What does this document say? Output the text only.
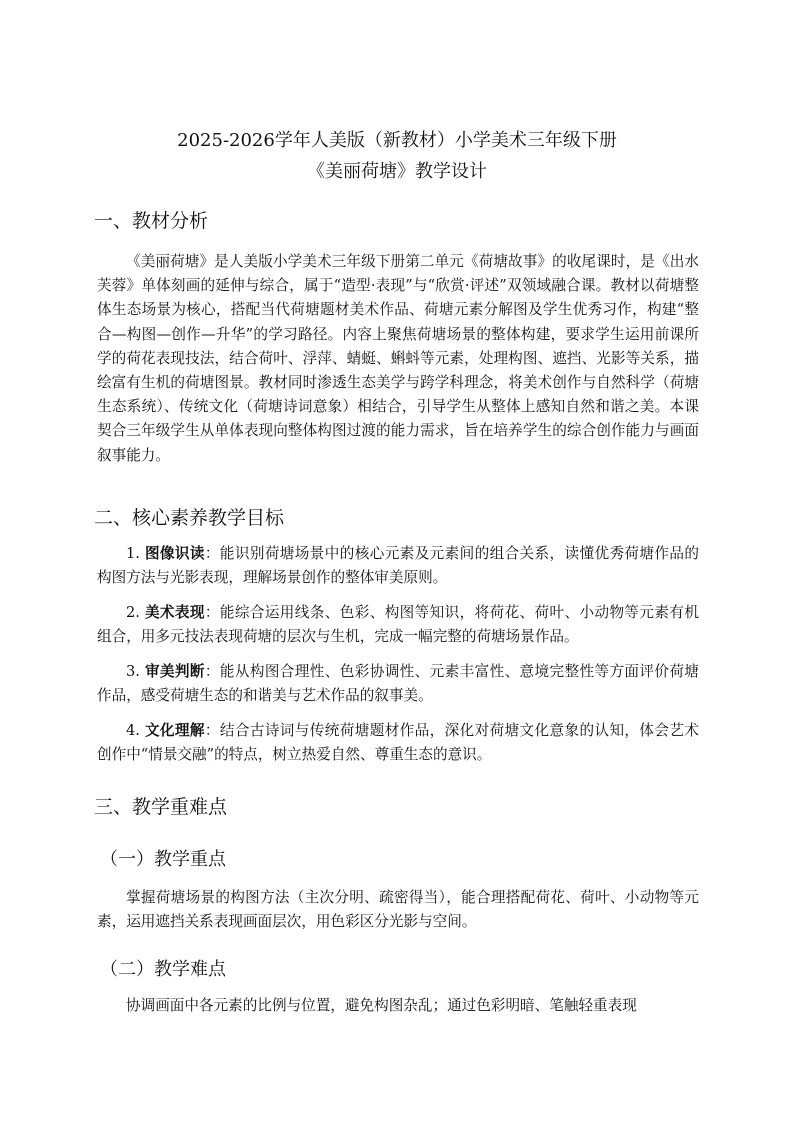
2025-2026学年人美版（新教材）小学美术三年级下册
《美丽荷塘》教学设计
一、教材分析

《美丽荷塘》是人美版小学美术三年级下册第二单元《荷塘故事》的收尾课时，是《出水芙蓉》单体刻画的延伸与综合，属于“造型·表现”与“欣赏·评述”双领域融合课。教材以荷塘整体生态场景为核心，搭配当代荷塘题材美术作品、荷塘元素分解图及学生优秀习作，构建“整合—构图—创作—升华”的学习路径。内容上聚焦荷塘场景的整体构建，要求学生运用前课所学的荷花表现技法，结合荷叶、浮萍、蜻蜓、蝌蚪等元素，处理构图、遮挡、光影等关系，描绘富有生机的荷塘图景。教材同时渗透生态美学与跨学科理念，将美术创作与自然科学（荷塘生态系统）、传统文化（荷塘诗词意象）相结合，引导学生从整体上感知自然和谐之美。本课契合三年级学生从单体表现向整体构图过渡的能力需求，旨在培养学生的综合创作能力与画面叙事能力。

二、核心素养教学目标

1. 图像识读：能识别荷塘场景中的核心元素及元素间的组合关系，读懂优秀荷塘作品的构图方法与光影表现，理解场景创作的整体审美原则。

2. 美术表现：能综合运用线条、色彩、构图等知识，将荷花、荷叶、小动物等元素有机组合，用多元技法表现荷塘的层次与生机，完成一幅完整的荷塘场景作品。

3. 审美判断：能从构图合理性、色彩协调性、元素丰富性、意境完整性等方面评价荷塘作品，感受荷塘生态的和谐美与艺术作品的叙事美。

4. 文化理解：结合古诗词与传统荷塘题材作品，深化对荷塘文化意象的认知，体会艺术创作中“情景交融”的特点，树立热爱自然、尊重生态的意识。

三、教学重难点
（一）教学重点

掌握荷塘场景的构图方法（主次分明、疏密得当），能合理搭配荷花、荷叶、小动物等元素，运用遮挡关系表现画面层次，用色彩区分光影与空间。

（二）教学难点

协调画面中各元素的比例与位置，避免构图杂乱；通过色彩明暗、笔触轻重表现
